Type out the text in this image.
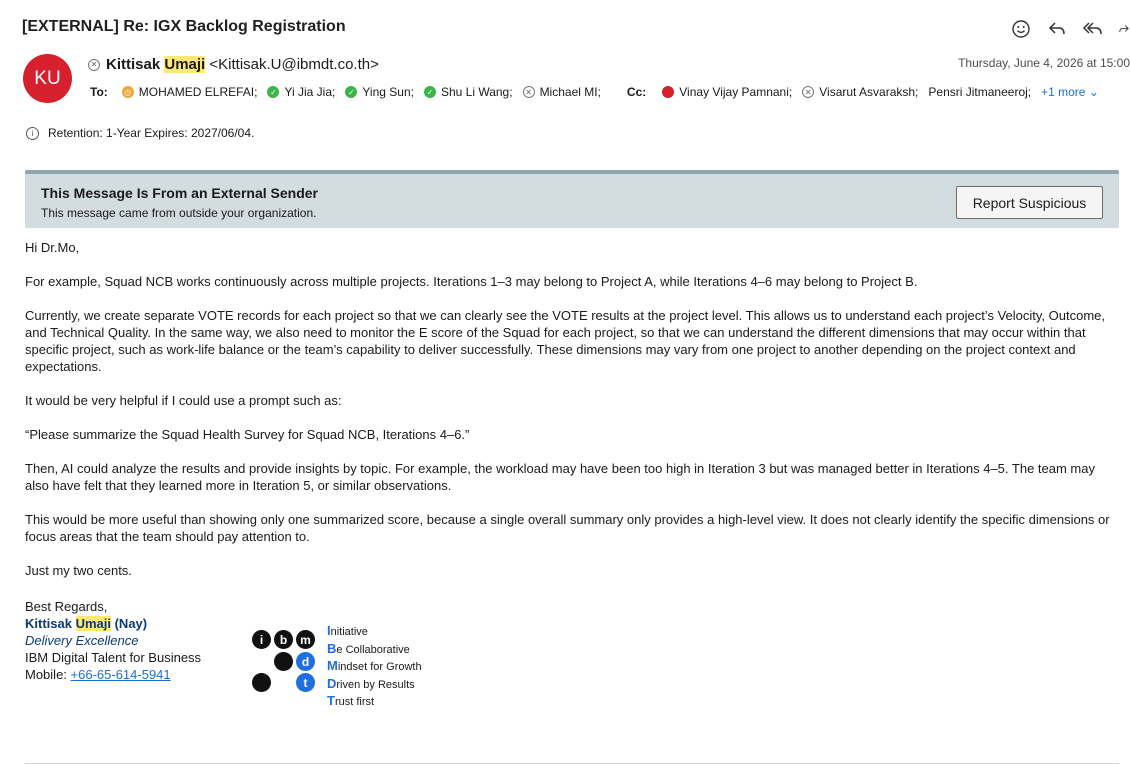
[EXTERNAL] Re: IGX Backlog Registration
KU
✕ Kittisak Umaji <Kittisak.U@ibmdt.co.th>	Thursday, June 4, 2026 at 15:00
To:	◷ MOHAMED ELREFAI;	✓ Yi Jia Jia;	✓ Ying Sun;	✓ Shu Li Wang;	✕ Michael MI; Cc:	Vinay Vijay Pamnani;	✕ Visarut Asvaraksh; Pensri Jitmaneeroj; +1 more ⌄
i	Retention: 1-Year Expires: 2027/06/04.
This Message Is From an External Sender
This message came from outside your organization.
Report Suspicious

Hi Dr.Mo,

For example, Squad NCB works continuously across multiple projects. Iterations 1–3 may belong to Project A, while Iterations 4–6 may belong to Project B.

Currently, we create separate VOTE records for each project so that we can clearly see the VOTE results at the project level. This allows us to understand each project’s Velocity, Outcome, and Technical Quality. In the same way, we also need to monitor the E score of the Squad for each project, so that we can understand the different dimensions that may occur within that specific project, such as work-life balance or the team’s capability to deliver successfully. These dimensions may vary from one project to another depending on the project context and expectations.

It would be very helpful if I could use a prompt such as:

“Please summarize the Squad Health Survey for Squad NCB, Iterations 4–6.”

Then, AI could analyze the results and provide insights by topic. For example, the workload may have been too high in Iteration 3 but was managed better in Iterations 4–5. The team may also have felt that they learned more in Iteration 5, or similar observations.

This would be more useful than showing only one summarized score, because a single overall summary only provides a high-level view. It does not clearly identify the specific dimensions or focus areas that the team should pay attention to.

Just my two cents.

Best Regards,
Kittisak Umaji (Nay)
Delivery Excellence
IBM Digital Talent for Business
Mobile: +66-65-614-5941
i	b	m
d
t
Initiative
Be Collaborative
Mindset for Growth
Driven by Results
Trust first
